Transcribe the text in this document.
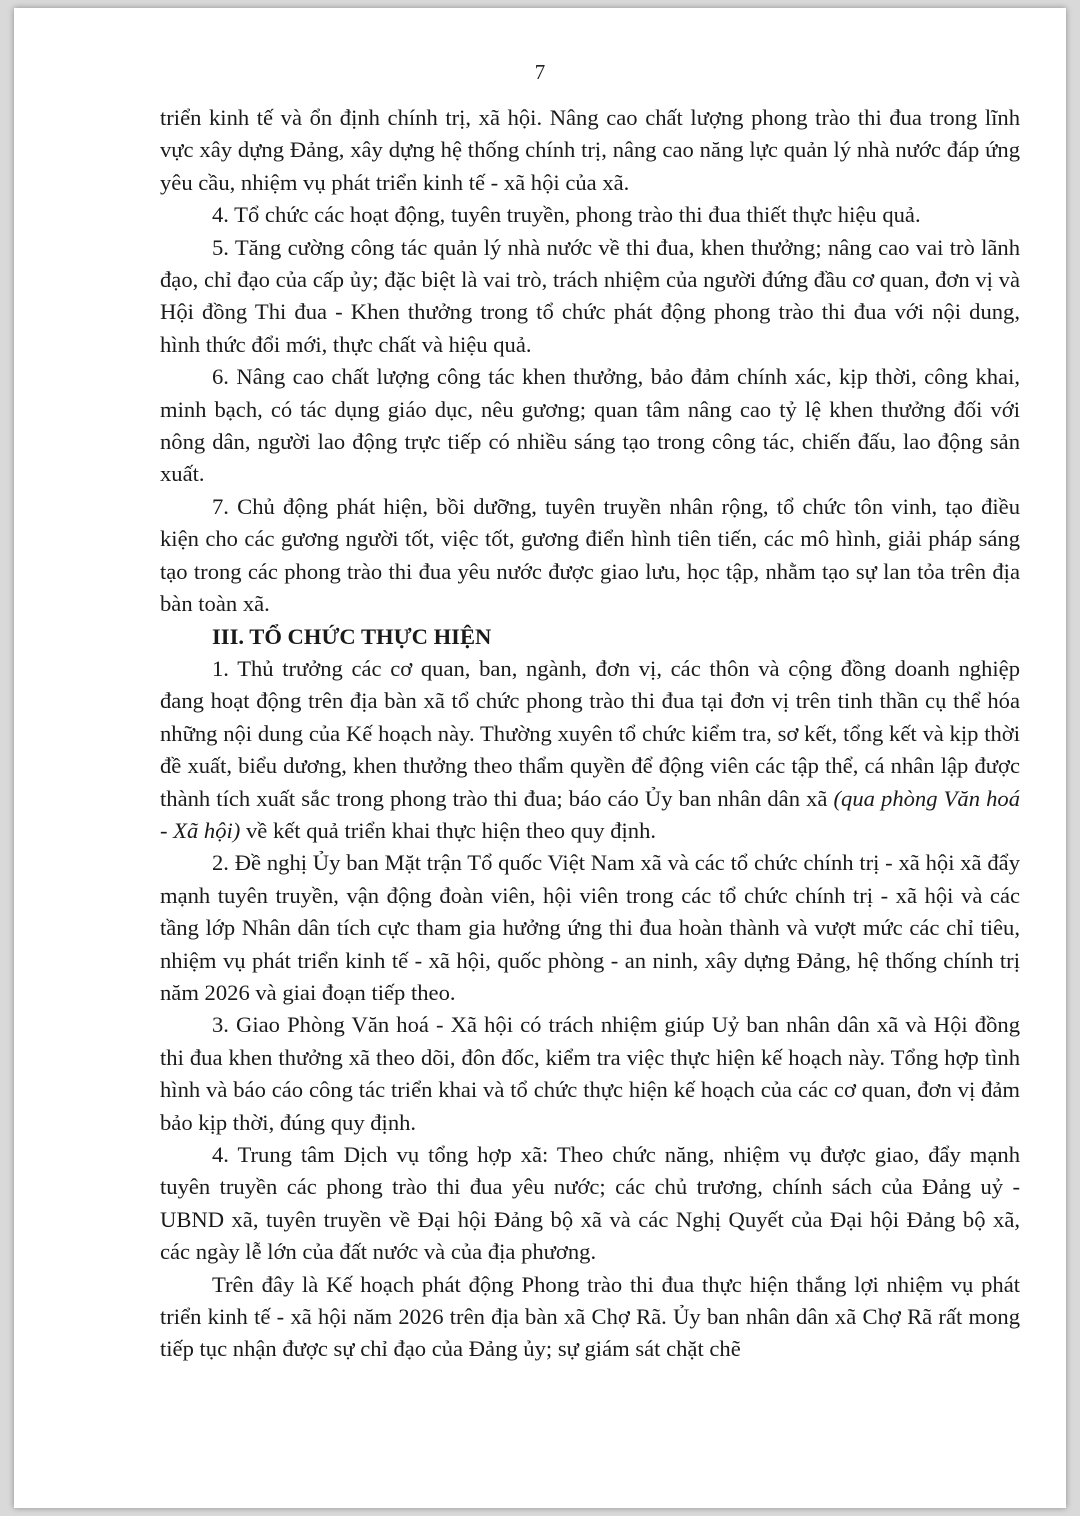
7

triển kinh tế và ổn định chính trị, xã hội. Nâng cao chất lượng phong trào thi đua trong lĩnh vực xây dựng Đảng, xây dựng hệ thống chính trị, nâng cao năng lực quản lý nhà nước đáp ứng yêu cầu, nhiệm vụ phát triển kinh tế - xã hội của xã.

4. Tổ chức các hoạt động, tuyên truyền, phong trào thi đua thiết thực hiệu quả.

5. Tăng cường công tác quản lý nhà nước về thi đua, khen thưởng; nâng cao vai trò lãnh đạo, chỉ đạo của cấp ủy; đặc biệt là vai trò, trách nhiệm của người đứng đầu cơ quan, đơn vị và Hội đồng Thi đua - Khen thưởng trong tổ chức phát động phong trào thi đua với nội dung, hình thức đổi mới, thực chất và hiệu quả.

6. Nâng cao chất lượng công tác khen thưởng, bảo đảm chính xác, kịp thời, công khai, minh bạch, có tác dụng giáo dục, nêu gương; quan tâm nâng cao tỷ lệ khen thưởng đối với nông dân, người lao động trực tiếp có nhiều sáng tạo trong công tác, chiến đấu, lao động sản xuất.

7. Chủ động phát hiện, bồi dưỡng, tuyên truyền nhân rộng, tổ chức tôn vinh, tạo điều kiện cho các gương người tốt, việc tốt, gương điển hình tiên tiến, các mô hình, giải pháp sáng tạo trong các phong trào thi đua yêu nước được giao lưu, học tập, nhằm tạo sự lan tỏa trên địa bàn toàn xã.

III. TỔ CHỨC THỰC HIỆN

1. Thủ trưởng các cơ quan, ban, ngành, đơn vị, các thôn và cộng đồng doanh nghiệp đang hoạt động trên địa bàn xã tổ chức phong trào thi đua tại đơn vị trên tinh thần cụ thể hóa những nội dung của Kế hoạch này. Thường xuyên tổ chức kiểm tra, sơ kết, tổng kết và kịp thời đề xuất, biểu dương, khen thưởng theo thẩm quyền để động viên các tập thể, cá nhân lập được thành tích xuất sắc trong phong trào thi đua; báo cáo Ủy ban nhân dân xã (qua phòng Văn hoá - Xã hội) về kết quả triển khai thực hiện theo quy định.

2. Đề nghị Ủy ban Mặt trận Tổ quốc Việt Nam xã và các tổ chức chính trị - xã hội xã đẩy mạnh tuyên truyền, vận động đoàn viên, hội viên trong các tổ chức chính trị - xã hội và các tầng lớp Nhân dân tích cực tham gia hưởng ứng thi đua hoàn thành và vượt mức các chỉ tiêu, nhiệm vụ phát triển kinh tế - xã hội, quốc phòng - an ninh, xây dựng Đảng, hệ thống chính trị năm 2026 và giai đoạn tiếp theo.

3. Giao Phòng Văn hoá - Xã hội có trách nhiệm giúp Uỷ ban nhân dân xã và Hội đồng thi đua khen thưởng xã theo dõi, đôn đốc, kiểm tra việc thực hiện kế hoạch này. Tổng hợp tình hình và báo cáo công tác triển khai và tổ chức thực hiện kế hoạch của các cơ quan, đơn vị đảm bảo kịp thời, đúng quy định.

4. Trung tâm Dịch vụ tổng hợp xã: Theo chức năng, nhiệm vụ được giao, đẩy mạnh tuyên truyền các phong trào thi đua yêu nước; các chủ trương, chính sách của Đảng uỷ - UBND xã, tuyên truyền về Đại hội Đảng bộ xã và các Nghị Quyết của Đại hội Đảng bộ xã, các ngày lễ lớn của đất nước và của địa phương.

Trên đây là Kế hoạch phát động Phong trào thi đua thực hiện thắng lợi nhiệm vụ phát triển kinh tế - xã hội năm 2026 trên địa bàn xã Chợ Rã. Ủy ban nhân dân xã Chợ Rã rất mong tiếp tục nhận được sự chỉ đạo của Đảng ủy; sự giám sát chặt chẽ
